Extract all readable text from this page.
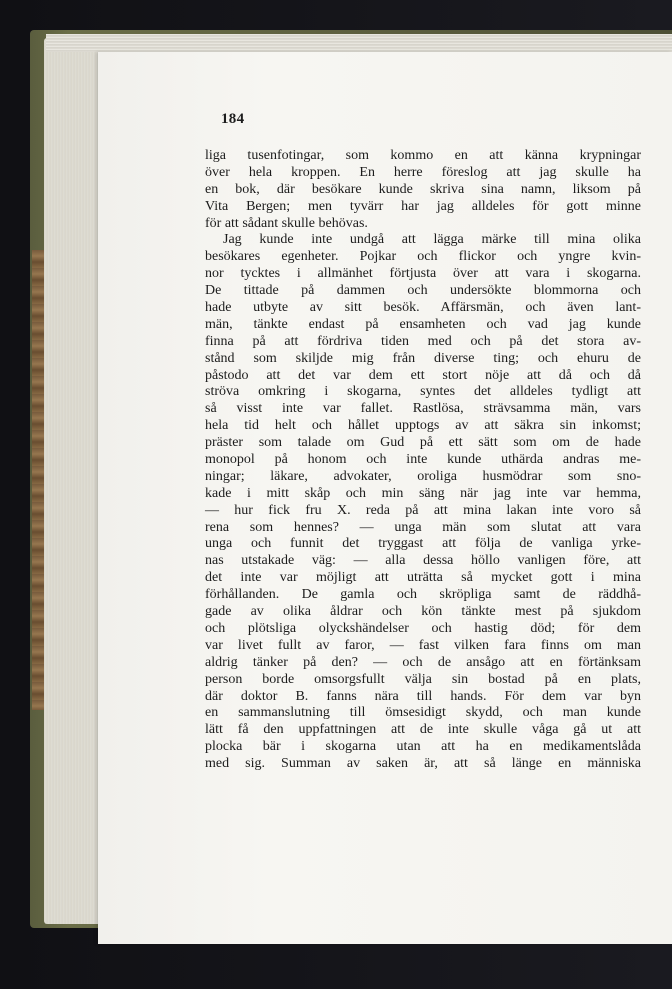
184
liga tusenfotingar, som kommo en att känna krypningar
över hela kroppen. En herre föreslog att jag skulle ha
en bok, där besökare kunde skriva sina namn, liksom på
Vita Bergen; men tyvärr har jag alldeles för gott minne
för att sådant skulle behövas.
Jag kunde inte undgå att lägga märke till mina olika
besökares egenheter. Pojkar och flickor och yngre kvin-
nor tycktes i allmänhet förtjusta över att vara i skogarna.
De tittade på dammen och undersökte blommorna och
hade utbyte av sitt besök. Affärsmän, och även lant-
män, tänkte endast på ensamheten och vad jag kunde
finna på att fördriva tiden med och på det stora av-
stånd som skiljde mig från diverse ting; och ehuru de
påstodo att det var dem ett stort nöje att då och då
ströva omkring i skogarna, syntes det alldeles tydligt att
så visst inte var fallet. Rastlösa, strävsamma män, vars
hela tid helt och hållet upptogs av att säkra sin inkomst;
präster som talade om Gud på ett sätt som om de hade
monopol på honom och inte kunde uthärda andras me-
ningar; läkare, advokater, oroliga husmödrar som sno-
kade i mitt skåp och min säng när jag inte var hemma,
— hur fick fru X. reda på att mina lakan inte voro så
rena som hennes? — unga män som slutat att vara
unga och funnit det tryggast att följa de vanliga yrke-
nas utstakade väg: — alla dessa höllo vanligen före, att
det inte var möjligt att uträtta så mycket gott i mina
förhållanden. De gamla och skröpliga samt de räddhå-
gade av olika åldrar och kön tänkte mest på sjukdom
och plötsliga olyckshändelser och hastig död; för dem
var livet fullt av faror, — fast vilken fara finns om man
aldrig tänker på den? — och de ansågo att en förtänksam
person borde omsorgsfullt välja sin bostad på en plats,
där doktor B. fanns nära till hands. För dem var byn
en sammanslutning till ömsesidigt skydd, och man kunde
lätt få den uppfattningen att de inte skulle våga gå ut att
plocka bär i skogarna utan att ha en medikamentslåda
med sig. Summan av saken är, att så länge en människa
